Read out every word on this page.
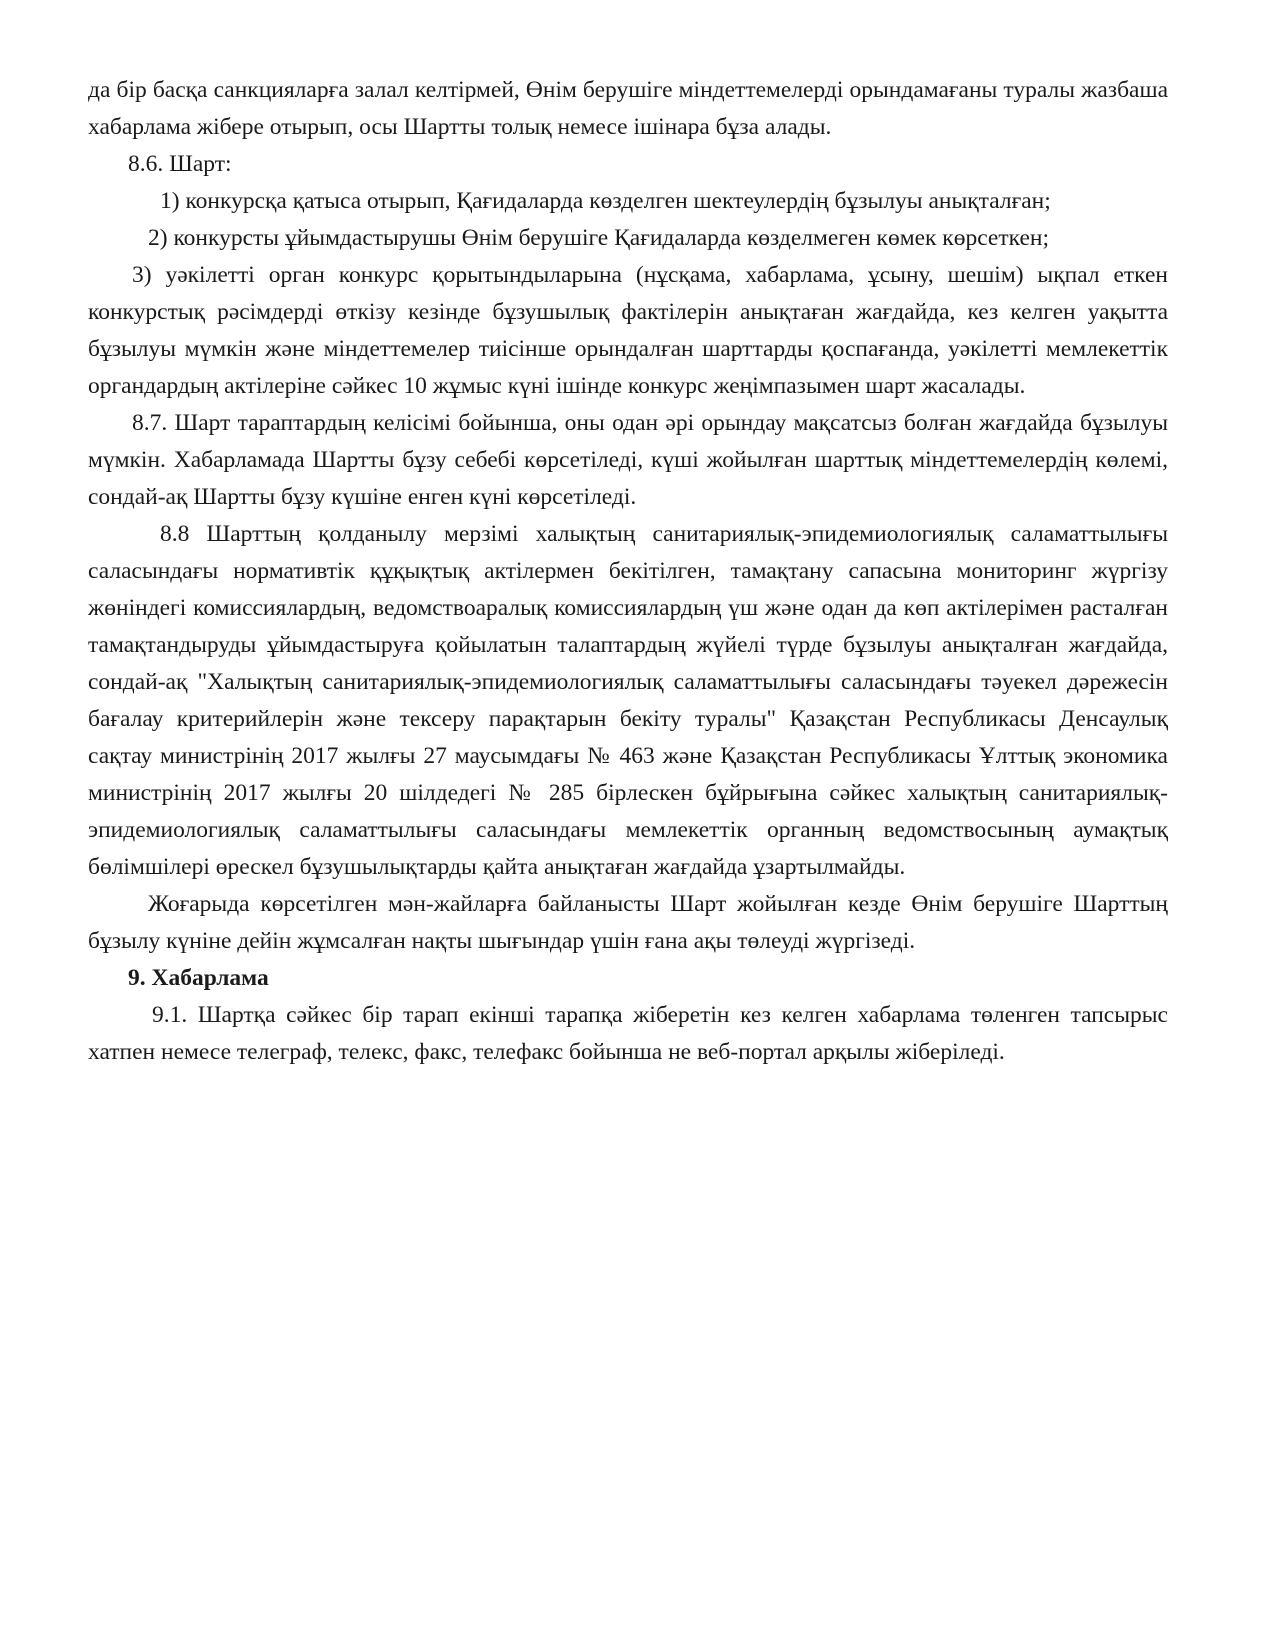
да бір басқа санкцияларға залал келтірмей, Өнім берушіге міндеттемелерді орындамағаны туралы жазбаша хабарлама жібере отырып, осы Шартты толық немесе ішінара бұза алады.

8.6. Шарт:

1) конкурсқа қатыса отырып, Қағидаларда көзделген шектеулердің бұзылуы анықталған;

2) конкурсты ұйымдастырушы Өнім берушіге Қағидаларда көзделмеген көмек көрсеткен;

3) уәкілетті орган конкурс қорытындыларына (нұсқама, хабарлама, ұсыну, шешім) ықпал еткен конкурстық рәсімдерді өткізу кезінде бұзушылық фактілерін анықтаған жағдайда, кез келген уақытта бұзылуы мүмкін және міндеттемелер тиісінше орындалған шарттарды қоспағанда, уәкілетті мемлекеттік органдардың актілеріне сәйкес 10 жұмыс күні ішінде конкурс жеңімпазымен шарт жасалады.

8.7. Шарт тараптардың келісімі бойынша, оны одан әрі орындау мақсатсыз болған жағдайда бұзылуы мүмкін. Хабарламада Шартты бұзу себебі көрсетіледі, күші жойылған шарттық міндеттемелердің көлемі, сондай-ақ Шартты бұзу күшіне енген күні көрсетіледі.

8.8 Шарттың қолданылу мерзімі халықтың санитариялық-эпидемиологиялық саламаттылығы саласындағы нормативтік құқықтық актілермен бекітілген, тамақтану сапасына мониторинг жүргізу жөніндегі комиссиялардың, ведомствоаралық комиссиялардың үш және одан да көп актілерімен расталған тамақтандыруды ұйымдастыруға қойылатын талаптардың жүйелі түрде бұзылуы анықталған жағдайда, сондай-ақ "Халықтың санитариялық-эпидемиологиялық саламаттылығы саласындағы тәуекел дәрежесін бағалау критерийлерін және тексеру парақтарын бекіту туралы" Қазақстан Республикасы Денсаулық сақтау министрінің 2017 жылғы 27 маусымдағы № 463 және Қазақстан Республикасы Ұлттық экономика министрінің 2017 жылғы 20 шілдедегі № 285 бірлескен бұйрығына сәйкес халықтың санитариялық-эпидемиологиялық саламаттылығы саласындағы мемлекеттік органның ведомствосының аумақтық бөлімшілері өрескел бұзушылықтарды қайта анықтаған жағдайда ұзартылмайды.

Жоғарыда көрсетілген мән-жайларға байланысты Шарт жойылған кезде Өнім берушіге Шарттың бұзылу күніне дейін жұмсалған нақты шығындар үшін ғана ақы төлеуді жүргізеді.

9. Хабарлама

9.1. Шартқа сәйкес бір тарап екінші тарапқа жіберетін кез келген хабарлама төленген тапсырыс хатпен немесе телеграф, телекс, факс, телефакс бойынша не веб-портал арқылы жіберіледі.
